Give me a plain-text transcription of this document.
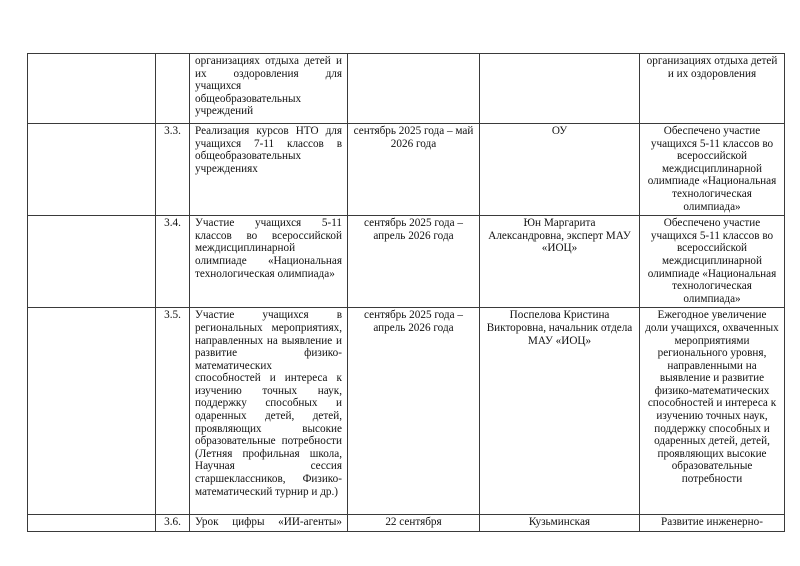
		организациях отдыха детей и
их оздоровления для
учащихся
общеобразовательных
учреждений			организациях отдыха детей и их оздоровления
	3.3.	Реализация курсов НТО для
учащихся 7-11 классов в
общеобразовательных
учреждениях	сентябрь 2025 года – май 2026 года	ОУ	Обеспечено участие учащихся 5-11 классов во всероссийской междисциплинарной олимпиаде «Национальная технологическая олимпиада»
	3.4.	Участие учащихся 5-11
классов во всероссийской
междисциплинарной
олимпиаде «Национальная
технологическая олимпиада»	сентябрь 2025 года – апрель 2026 года	Юн Маргарита Александровна, эксперт МАУ «ИОЦ»	Обеспечено участие учащихся 5-11 классов во всероссийской междисциплинарной олимпиаде «Национальная технологическая олимпиада»
	3.5.	Участие учащихся в
региональных мероприятиях,
направленных на выявление и
развитие физико-
математических
способностей и интереса к
изучению точных наук,
поддержку способных и
одаренных детей, детей,
проявляющих высокие
образовательные потребности
(Летняя профильная школа,
Научная сессия
старшеклассников, Физико-
математический турнир и др.)
	сентябрь 2025 года – апрель 2026 года	Поспелова Кристина Викторовна, начальник отдела МАУ «ИОЦ»	Ежегодное увеличение доли учащихся, охваченных мероприятиями регионального уровня, направленными на выявление и развитие физико-математических способностей и интереса к изучению точных наук, поддержку способных и одаренных детей, детей, проявляющих высокие образовательные потребности
	3.6.	Урок цифры «ИИ-агенты»	22 сентября	Кузьминская	Развитие инженерно-
